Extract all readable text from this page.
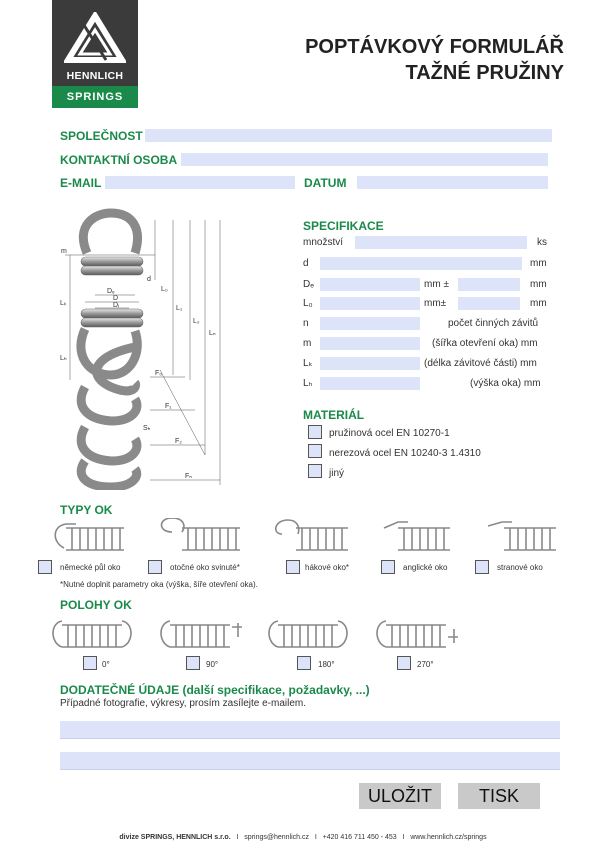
HENNLICH
SPRINGS
POPTÁVKOVÝ FORMULÁŘ
TAŽNÉ PRUŽINY
SPOLEČNOST
KONTAKTNÍ OSOBA
E-MAIL	DATUM
m
d
Dₑ
D
Dᵢ
Lₖ
Lₕ
L₀
L₁
L₂
Lₙ
F₀
F₁
Sₕ
F₂
Fₙ
SPECIFIKACE
množství	ks
d	mm
Dₑ	mm ±	mm
L₀	mm±	mm
n	počet činných závitů
m	(šířka otevření oka) mm
Lₖ	(délka závitové části) mm
Lₕ	(výška oka) mm
MATERIÁL
pružinová ocel EN 10270-1
nerezová ocel EN 10240-3 1.4310
jiný
TYPY OK
německé půl oko	otočné oko svinuté*	hákové oko*	anglické oko	stranové oko
*Nutné doplnit parametry oka (výška, šíře otevření oka).
POLOHY OK
0°	90°	180°	270°
DODATEČNÉ ÚDAJE (další specifikace, požadavky, ...)
Případné fotografie, výkresy, prosím zasílejte e-mailem.
ULOŽIT	TISK
divize SPRINGS, HENNLICH s.r.o. I springs@hennlich.cz I +420 416 711 450 - 453 I www.hennlich.cz/springs
